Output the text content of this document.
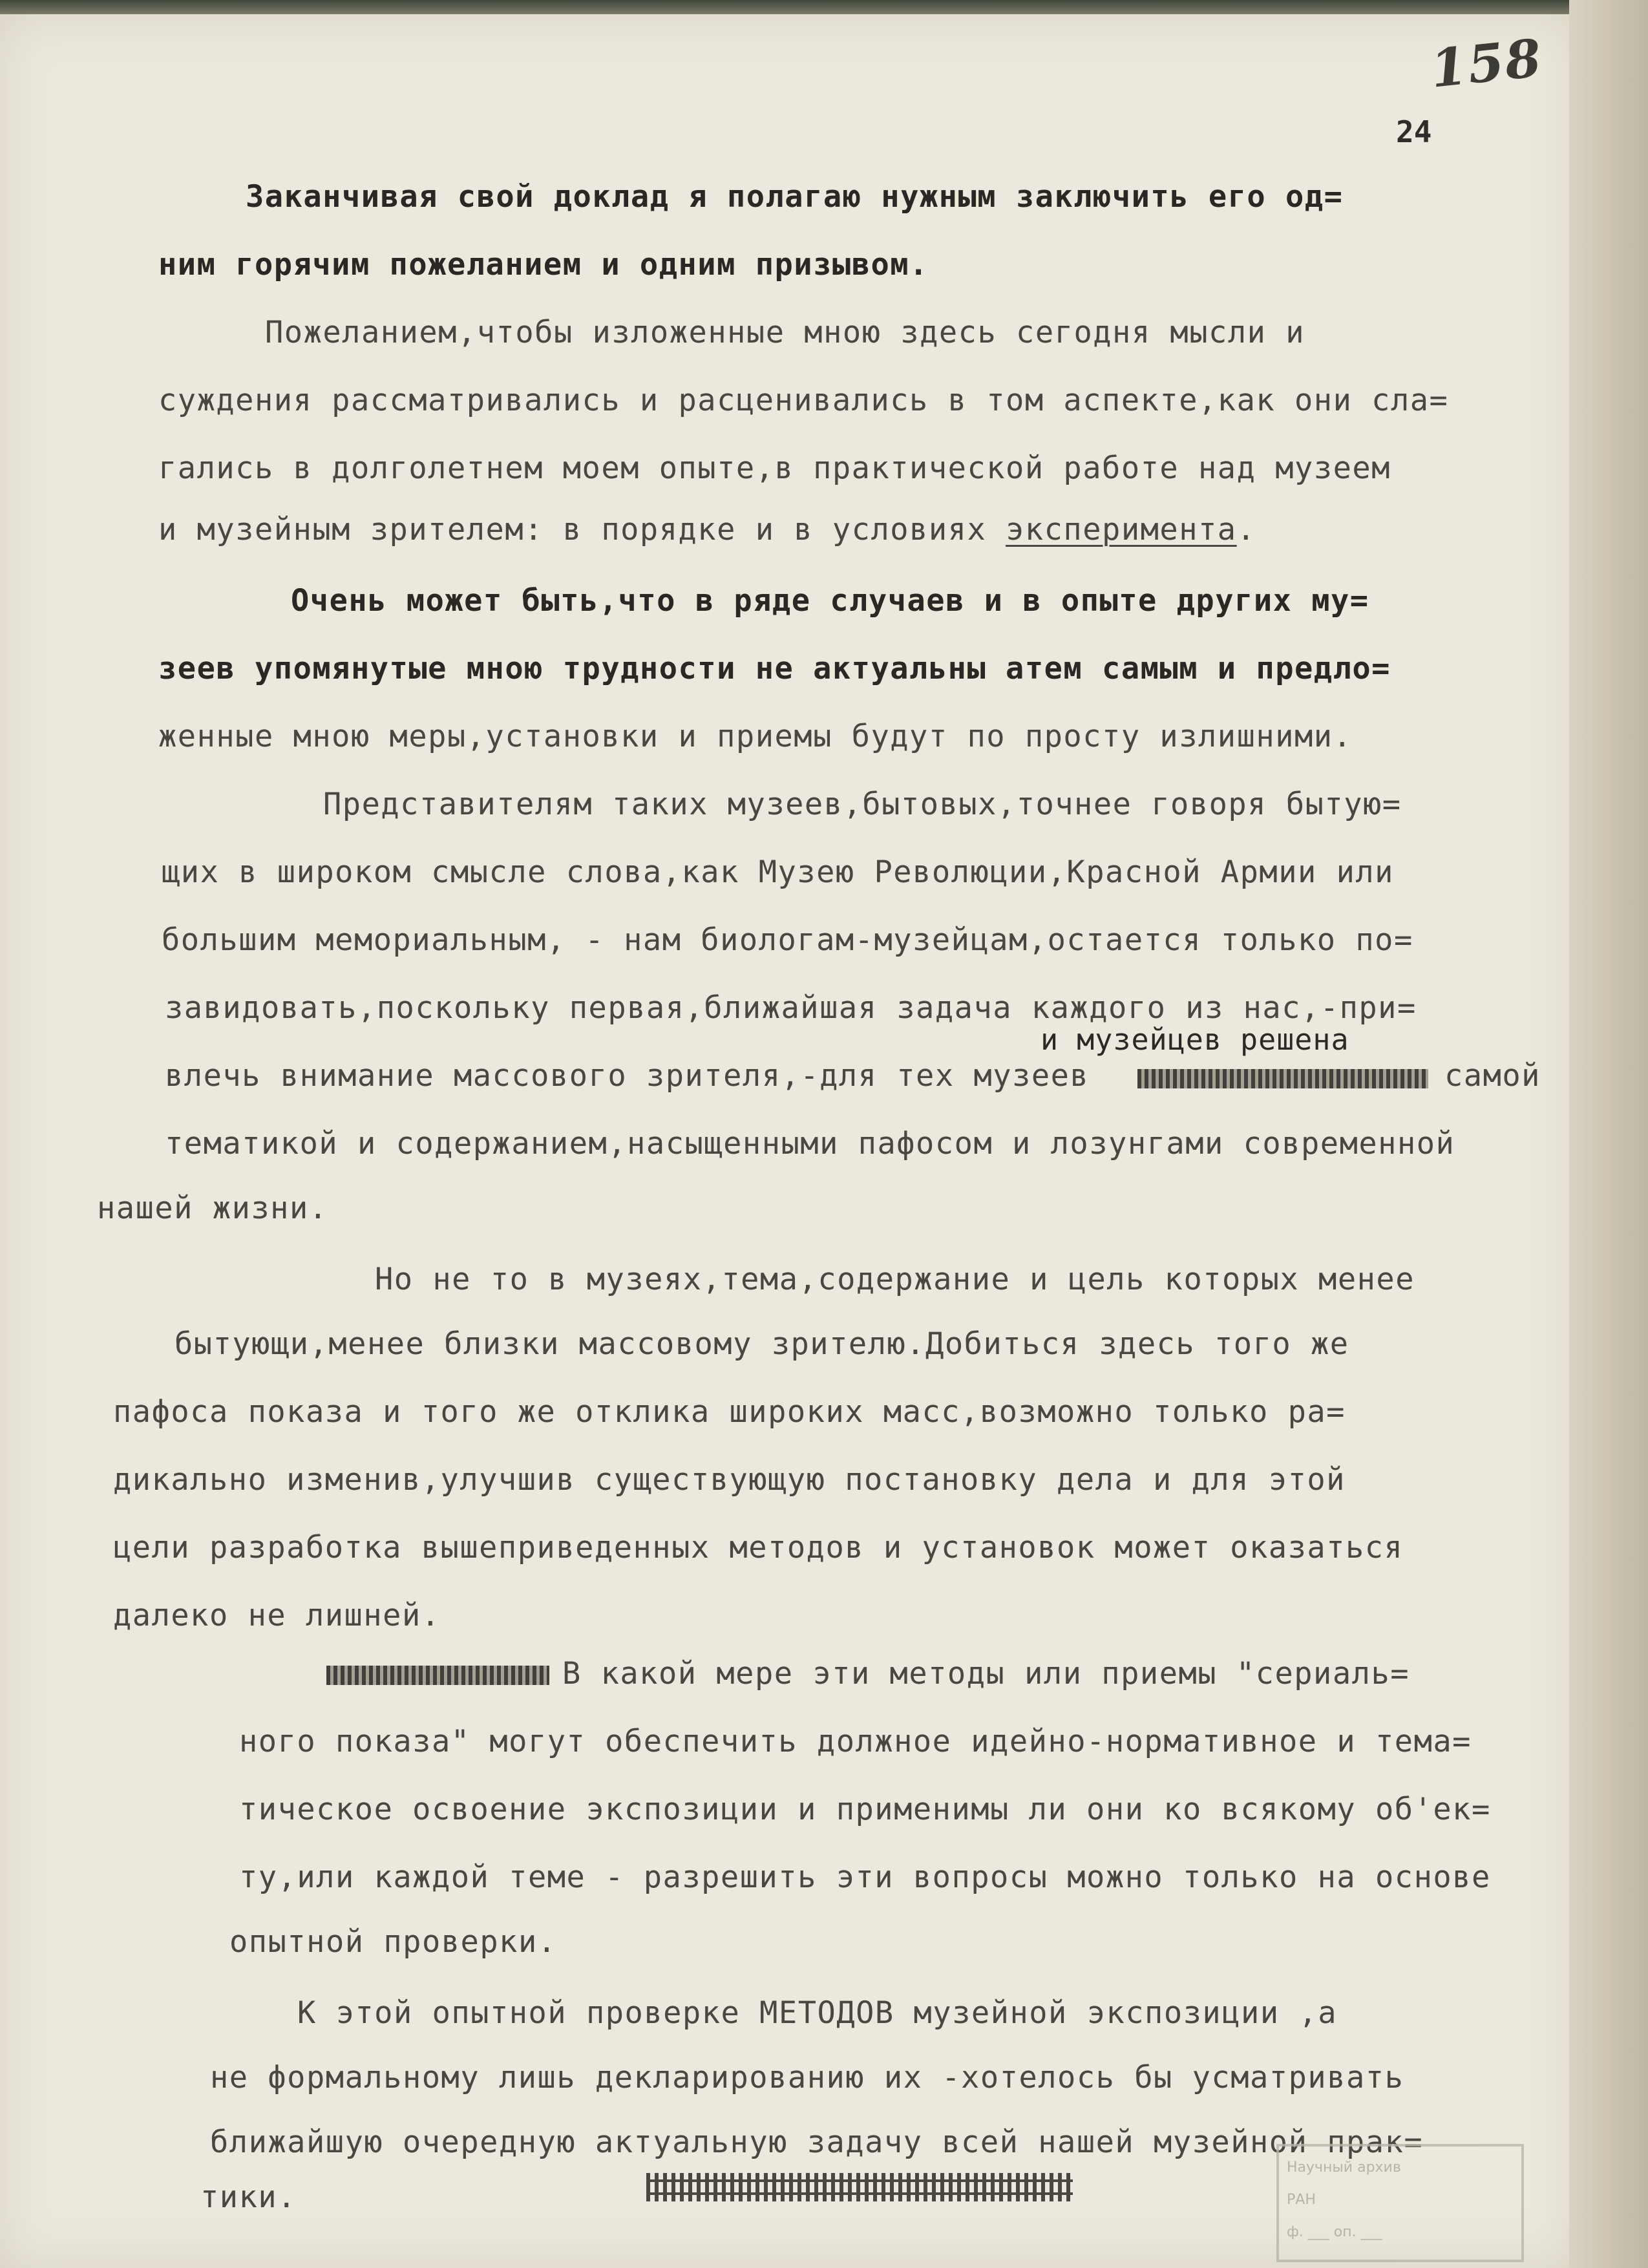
158
24
Заканчивая свой доклад я полагаю нужным заключить его од=
ним горячим пожеланием и одним призывом.
Пожеланием,чтобы изложенные мною здесь сегодня мысли и
суждения рассматривались и расценивались в том аспекте,как они сла=
гались в долголетнем моем опыте,в практической работе над музеем
и музейным зрителем: в порядке и в условиях эксперимента.
Очень может быть,что в ряде случаев и в опыте других му=
зеев упомянутые мною трудности не актуальны атем самым и предло=
женные мною меры,установки и приемы будут по просту излишними.
Представителям таких музеев,бытовых,точнее говоря бытую=
щих в широком смысле слова,как Музею Революции,Красной Армии или
большим мемориальным, - нам биологам-музейцам,остается только по=
завидовать,поскольку первая,ближайшая задача каждого из нас,-при=
и музейцев решена
влечь внимание массового зрителя,-для тех музеев	самой
тематикой и содержанием,насыщенными пафосом и лозунгами современной
нашей жизни.
Но не то в музеях,тема,содержание и цель которых менее
бытующи,менее близки массовому зрителю.Добиться здесь того же
пафоса показа и того же отклика широких масс,возможно только ра=
дикально изменив,улучшив существующую постановку дела и для этой
цели разработка вышеприведенных методов и установок может оказаться
далеко не лишней.
В какой мере эти методы или приемы "сериаль=
ного показа" могут обеспечить должное идейно-нормативное и тема=
тическое освоение экспозиции и применимы ли они ко всякому об'ек=
ту,или каждой теме - разрешить эти вопросы можно только на основе
опытной проверки.
К этой опытной проверке МЕТОДОВ музейной экспозиции ,а
не формальному лишь декларированию их -хотелось бы усматривать
ближайшую очередную актуальную задачу всей нашей музейной прак=
тики.
Научный архив
РАН
ф. ___ оп. ___
